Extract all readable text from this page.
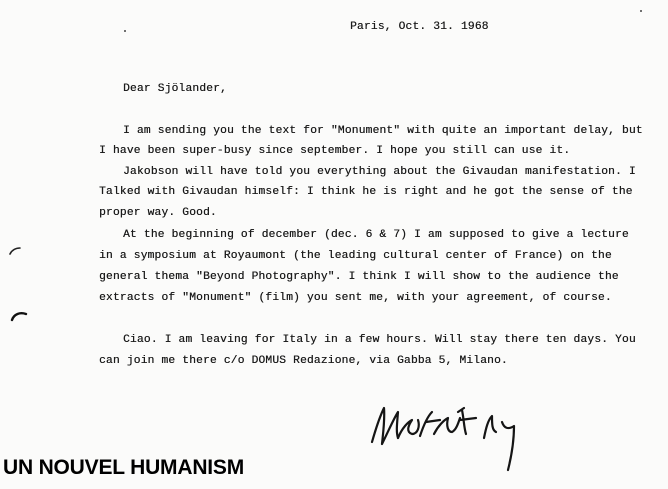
Paris, Oct. 31. 1968
Dear Sjölander,
I am sending you the text for "Monument" with quite an important delay, but
I have been super-busy since september. I hope you still can use it.
Jakobson will have told you everything about the Givaudan manifestation. I
Talked with Givaudan himself: I think he is right and he got the sense of the
proper way. Good.
At the beginning of december (dec. 6 & 7) I am supposed to give a lecture
in a symposium at Royaumont (the leading cultural center of France) on the
general thema "Beyond Photography". I think I will show to the audience the
extracts of "Monument" (film) you sent me, with your agreement, of course.
Ciao. I am leaving for Italy in a few hours. Will stay there ten days. You
can join me there c/o DOMUS Redazione, via Gabba 5, Milano.
UN NOUVEL HUMANISM
